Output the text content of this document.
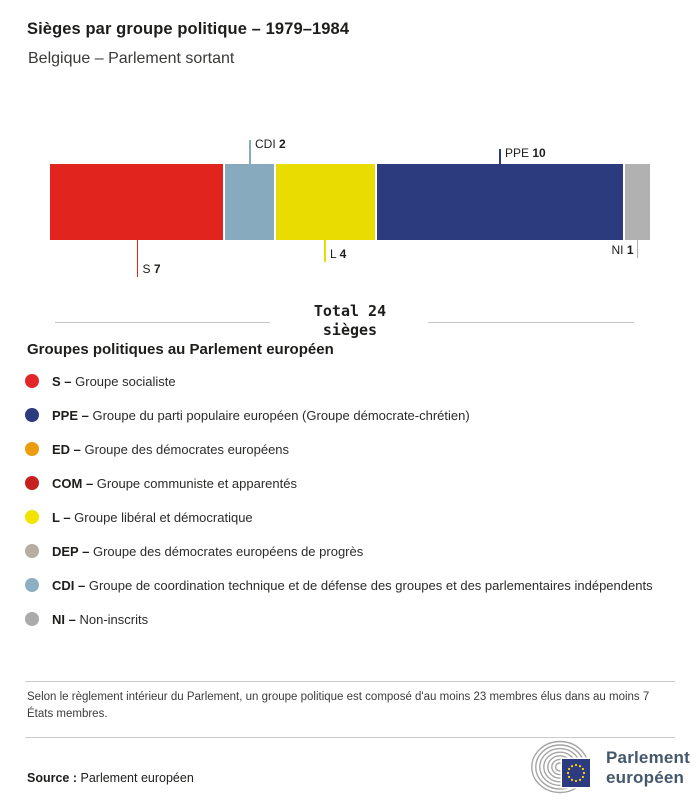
Sièges par groupe politique – 1979–1984
Belgique – Parlement sortant
S 7
CDI 2
L 4
PPE 10
NI 1
Total 24
sièges
Groupes politiques au Parlement européen
S – Groupe socialiste
PPE – Groupe du parti populaire européen (Groupe démocrate-chrétien)
ED – Groupe des démocrates européens
COM – Groupe communiste et apparentés
L – Groupe libéral et démocratique
DEP – Groupe des démocrates européens de progrès
CDI – Groupe de coordination technique et de défense des groupes et des parlementaires indépendents
NI – Non-inscrits
Selon le règlement intérieur du Parlement, un groupe politique est composé d'au moins 23 membres élus dans au moins 7 États membres.
Source : Parlement européen
Parlement
européen
